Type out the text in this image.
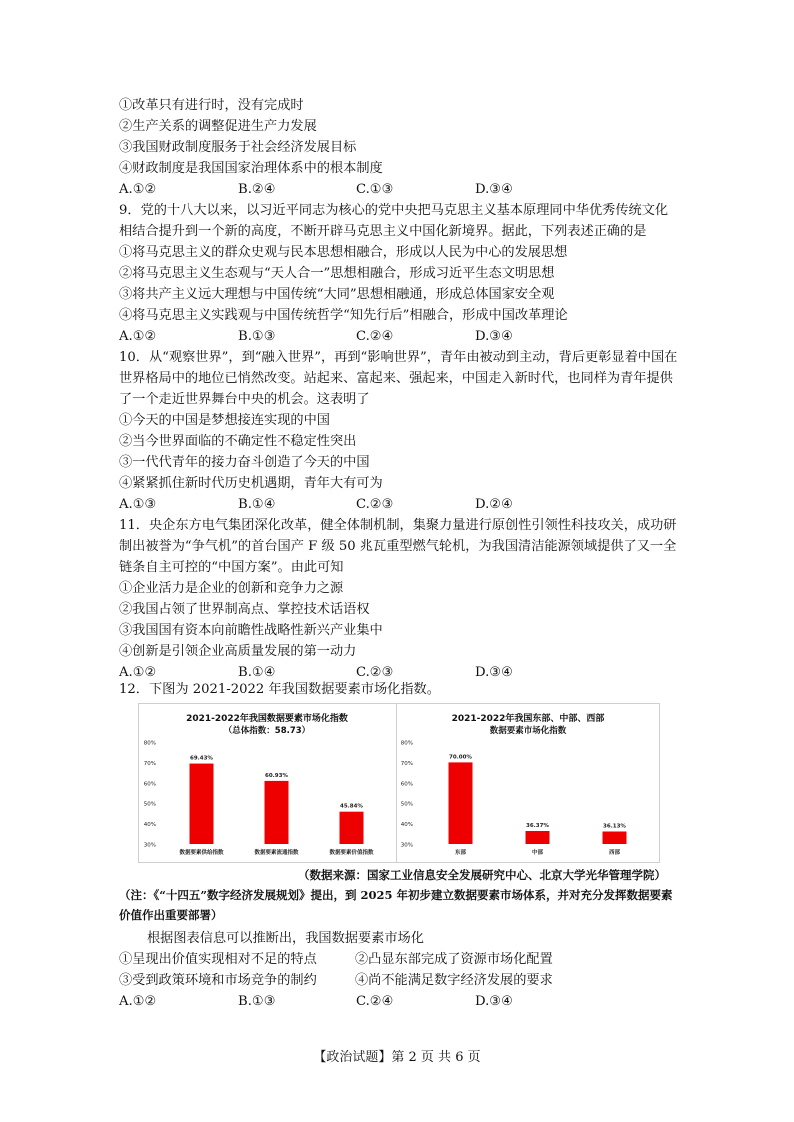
①改革只有进行时，没有完成时
②生产关系的调整促进生产力发展
③我国财政制度服务于社会经济发展目标
④财政制度是我国国家治理体系中的根本制度
A.①②	B.②④	C.①③	D.③④
9．党的十八大以来，以习近平同志为核心的党中央把马克思主义基本原理同中华优秀传统文化
相结合提升到一个新的高度，不断开辟马克思主义中国化新境界。据此，下列表述正确的是
①将马克思主义的群众史观与民本思想相融合，形成以人民为中心的发展思想
②将马克思主义生态观与“天人合一”思想相融合，形成习近平生态文明思想
③将共产主义远大理想与中国传统“大同”思想相融通，形成总体国家安全观
④将马克思主义实践观与中国传统哲学“知先行后”相融合，形成中国改革理论
A.①②	B.①③	C.②④	D.③④
10．从“观察世界”，到“融入世界”，再到“影响世界”，青年由被动到主动，背后更彰显着中国在
世界格局中的地位已悄然改变。站起来、富起来、强起来，中国走入新时代，也同样为青年提供
了一个走近世界舞台中央的机会。这表明了
①今天的中国是梦想接连实现的中国
②当今世界面临的不确定性不稳定性突出
③一代代青年的接力奋斗创造了今天的中国
④紧紧抓住新时代历史机遇期，青年大有可为
A.①③	B.①④	C.②③	D.②④
11．央企东方电气集团深化改革，健全体制机制，集聚力量进行原创性引领性科技攻关，成功研
制出被誉为“争气机”的首台国产 F 级 50 兆瓦重型燃气轮机，为我国清洁能源领域提供了又一全
链条自主可控的“中国方案”。由此可知
①企业活力是企业的创新和竞争力之源
②我国占领了世界制高点、掌控技术话语权
③我国国有资本向前瞻性战略性新兴产业集中
④创新是引领企业高质量发展的第一动力
A.①②	B.①④	C.②③	D.③④
12．下图为 2021-2022 年我国数据要素市场化指数。
2021-2022年我国数据要素市场化指数
（总体指数：58.73）
30%
40%
50%
60%
70%
80%
69.43%
数据要素供给指数
60.93%
数据要素流通指数
45.84%
数据要素价值指数
2021-2022年我国东部、中部、西部
数据要素市场化指数
30%
40%
50%
60%
70%
80%
70.00%
东部
36.37%
中部
36.13%
西部
（数据来源：国家工业信息安全发展研究中心、北京大学光华管理学院）
（注：《“十四五”数字经济发展规划》提出，到 2025 年初步建立数据要素市场体系，并对充分发挥数据要素价值作出重要部署）
根据图表信息可以推断出，我国数据要素市场化
①呈现出价值实现相对不足的特点	②凸显东部完成了资源市场化配置
③受到政策环境和市场竞争的制约	④尚不能满足数字经济发展的要求
A.①②	B.①③	C.②④	D.③④
【政治试题】第 2 页 共 6 页
